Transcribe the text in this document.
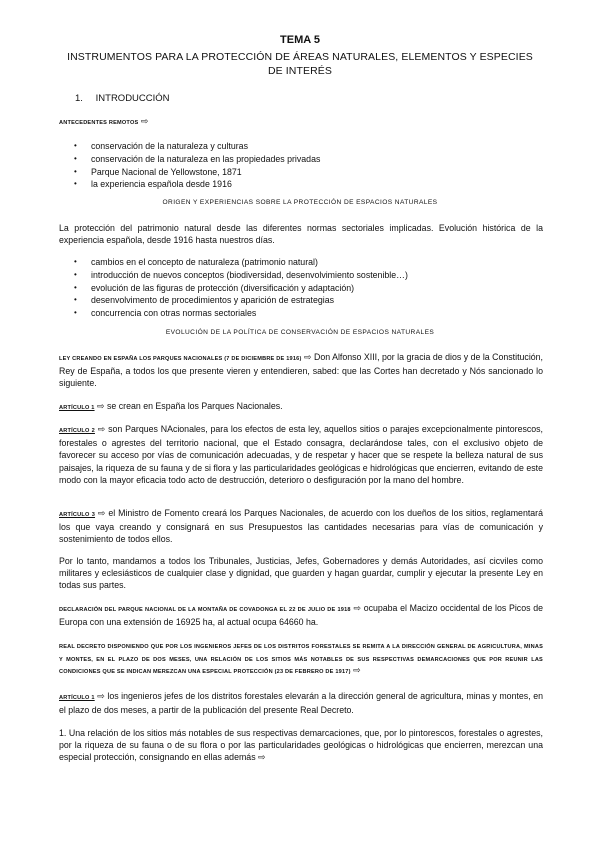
TEMA 5
INSTRUMENTOS PARA LA PROTECCIÓN DE ÁREAS NATURALES, ELEMENTOS Y ESPECIES DE INTERÉS
1. INTRODUCCIÓN
ANTECEDENTES REMOTOS ⇨
• conservación de la naturaleza y culturas
• conservación de la naturaleza en las propiedades privadas
• Parque Nacional de Yellowstone, 1871
• la experiencia española desde 1916
ORIGEN Y EXPERIENCIAS SOBRE LA PROTECCIÓN DE ESPACIOS NATURALES
La protección del patrimonio natural desde las diferentes normas sectoriales implicadas. Evolución histórica de la experiencia española, desde 1916 hasta nuestros días.
• cambios en el concepto de naturaleza (patrimonio natural)
• introducción de nuevos conceptos (biodiversidad, desenvolvimiento sostenible…)
• evolución de las figuras de protección (diversificación y adaptación)
• desenvolvimento de procedimientos y aparición de estrategias
• concurrencia con otras normas sectoriales
EVOLUCIÓN DE LA POLÍTICA DE CONSERVACIÓN DE ESPACIOS NATURALES
LEY CREANDO EN ESPAÑA LOS PARQUES NACIONALES (7 DE DICIEMBRE DE 1916) ⇨ Don Alfonso XIII, por la gracia de dios y de la Constitución, Rey de España, a todos los que presente vieren y entendieren, sabed: que las Cortes han decretado y Nós sancionado lo siguiente.
ARTÍCULO 1 ⇨ se crean en España los Parques Nacionales.
ARTÍCULO 2 ⇨ son Parques NAcionales, para los efectos de esta ley, aquellos sitios o parajes excepcionalmente pintorescos, forestales o agrestes del territorio nacional, que el Estado consagra, declarándose tales, con el exclusivo objeto de favorecer su acceso por vías de comunicación adecuadas, y de respetar y hacer que se respete la belleza natural de sus paisajes, la riqueza de su fauna y de si flora y las particularidades geológicas e hidrológicas que encierren, evitando de este modo con la mayor eficacia todo acto de destrucción, deterioro o desfiguración por la mano del hombre.
ARTÍCULO 3 ⇨ el Ministro de Fomento creará los Parques Nacionales, de acuerdo con los dueños de los sitios, reglamentará los que vaya creando y consignará en sus Presupuestos las cantidades necesarias para vías de comunicación y sostenimiento de todos ellos.
Por lo tanto, mandamos a todos los Tribunales, Justicias, Jefes, Gobernadores y demás Autoridades, así cicviles como militares y eclesiásticos de cualquier clase y dignidad, que guarden y hagan guardar, cumplir y ejecutar la presente Ley en todas sus partes.
DECLARACIÓN DEL PARQUE NACIONAL DE LA MONTAÑA DE COVADONGA EL 22 DE JULIO DE 1918 ⇨ ocupaba el Macizo occidental de los Picos de Europa con una extensión de 16925 ha, al actual ocupa 64660 ha.
REAL DECRETO DISPONIENDO QUE POR LOS INGENIEROS JEFES DE LOS DISTRITOS FORESTALES SE REMITA A LA DIRECCIÓN GENERAL DE AGRICULTURA, MINAS Y MONTES, EN EL PLAZO DE DOS MESES, UNA RELACIÓN DE LOS SITIOS MÁS NOTABLES DE SUS RESPECTIVAS DEMARCACIONES QUE POR REUNIR LAS CONDICIONES QUE SE INDICAN MEREZCAN UNA ESPECIAL PROTECCIÓN (23 DE FEBRERO DE 1917) ⇨
ARTÍCULO 1 ⇨ los ingenieros jefes de los distritos forestales elevarán a la dirección general de agricultura, minas y montes, en el plazo de dos meses, a partir de la publicación del presente Real Decreto.
1. Una relación de los sitios más notables de sus respectivas demarcaciones, que, por lo pintorescos, forestales o agrestes, por la riqueza de su fauna o de su flora o por las particularidades geológicas o hidrológicas que encierren, merezcan una especial protección, consignando en ellas además ⇨
